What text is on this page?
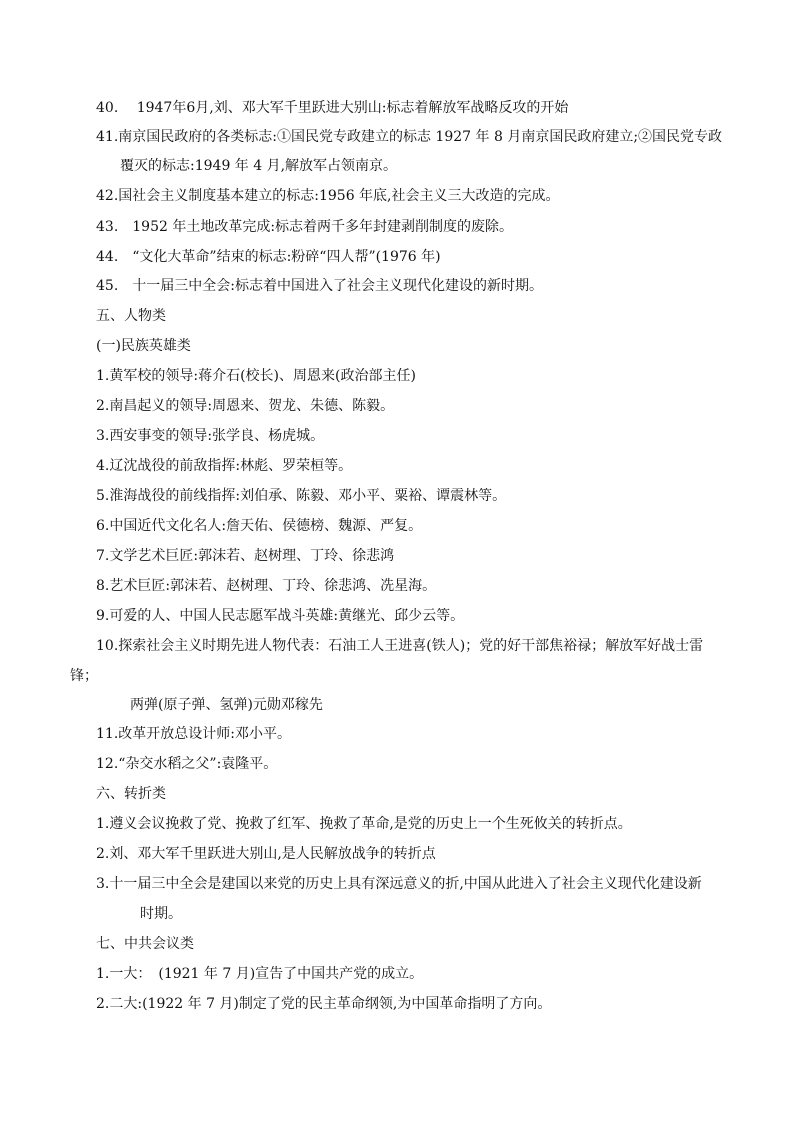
40.　 1947年6月,刘、邓大军千里跃进大别山:标志着解放军战略反攻的开始
41.南京国民政府的各类标志:①国民党专政建立的标志 1927 年 8 月南京国民政府建立;②国民党专政
覆灭的标志:1949 年 4 月,解放军占领南京。
42.国社会主义制度基本建立的标志:1956 年底,社会主义三大改造的完成。
43.　1952 年土地改革完成:标志着两千多年封建剥削制度的废除。
44.　“文化大革命”结束的标志:粉碎“四人帮”(1976 年)
45.　十一届三中全会:标志着中国进入了社会主义现代化建设的新时期。
五、人物类
(一)民族英雄类
1.黄军校的领导:蒋介石(校长)、周恩来(政治部主任)
2.南昌起义的领导:周恩来、贺龙、朱德、陈毅。
3.西安事变的领导:张学良、杨虎城。
4.辽沈战役的前敌指挥:林彪、罗荣桓等。
5.淮海战役的前线指挥:刘伯承、陈毅、邓小平、粟裕、谭震林等。
6.中国近代文化名人:詹天佑、侯德榜、魏源、严复。
7.文学艺术巨匠:郭沫若、赵树理、丁玲、徐悲鸿
8.艺术巨匠:郭沫若、赵树理、丁玲、徐悲鸿、冼星海。
9.可爱的人、中国人民志愿军战斗英雄:黄继光、邱少云等。
10.探索社会主义时期先进人物代表：石油工人王进喜(铁人)；党的好干部焦裕禄；解放军好战士雷
锋；
两弹(原子弹、氢弹)元勋邓稼先
11.改革开放总设计师:邓小平。
12.“杂交水稻之父”:袁隆平。
六、转折类
1.遵义会议挽救了党、挽救了红军、挽救了革命,是党的历史上一个生死攸关的转折点。
2.刘、邓大军千里跃进大别山,是人民解放战争的转折点
3.十一届三中全会是建国以来党的历史上具有深远意义的折,中国从此进入了社会主义现代化建设新
时期。
七、中共会议类
1.一大：　(1921 年 7 月)宣告了中国共产党的成立。
2.二大:(1922 年 7 月)制定了党的民主革命纲领,为中国革命指明了方向。
